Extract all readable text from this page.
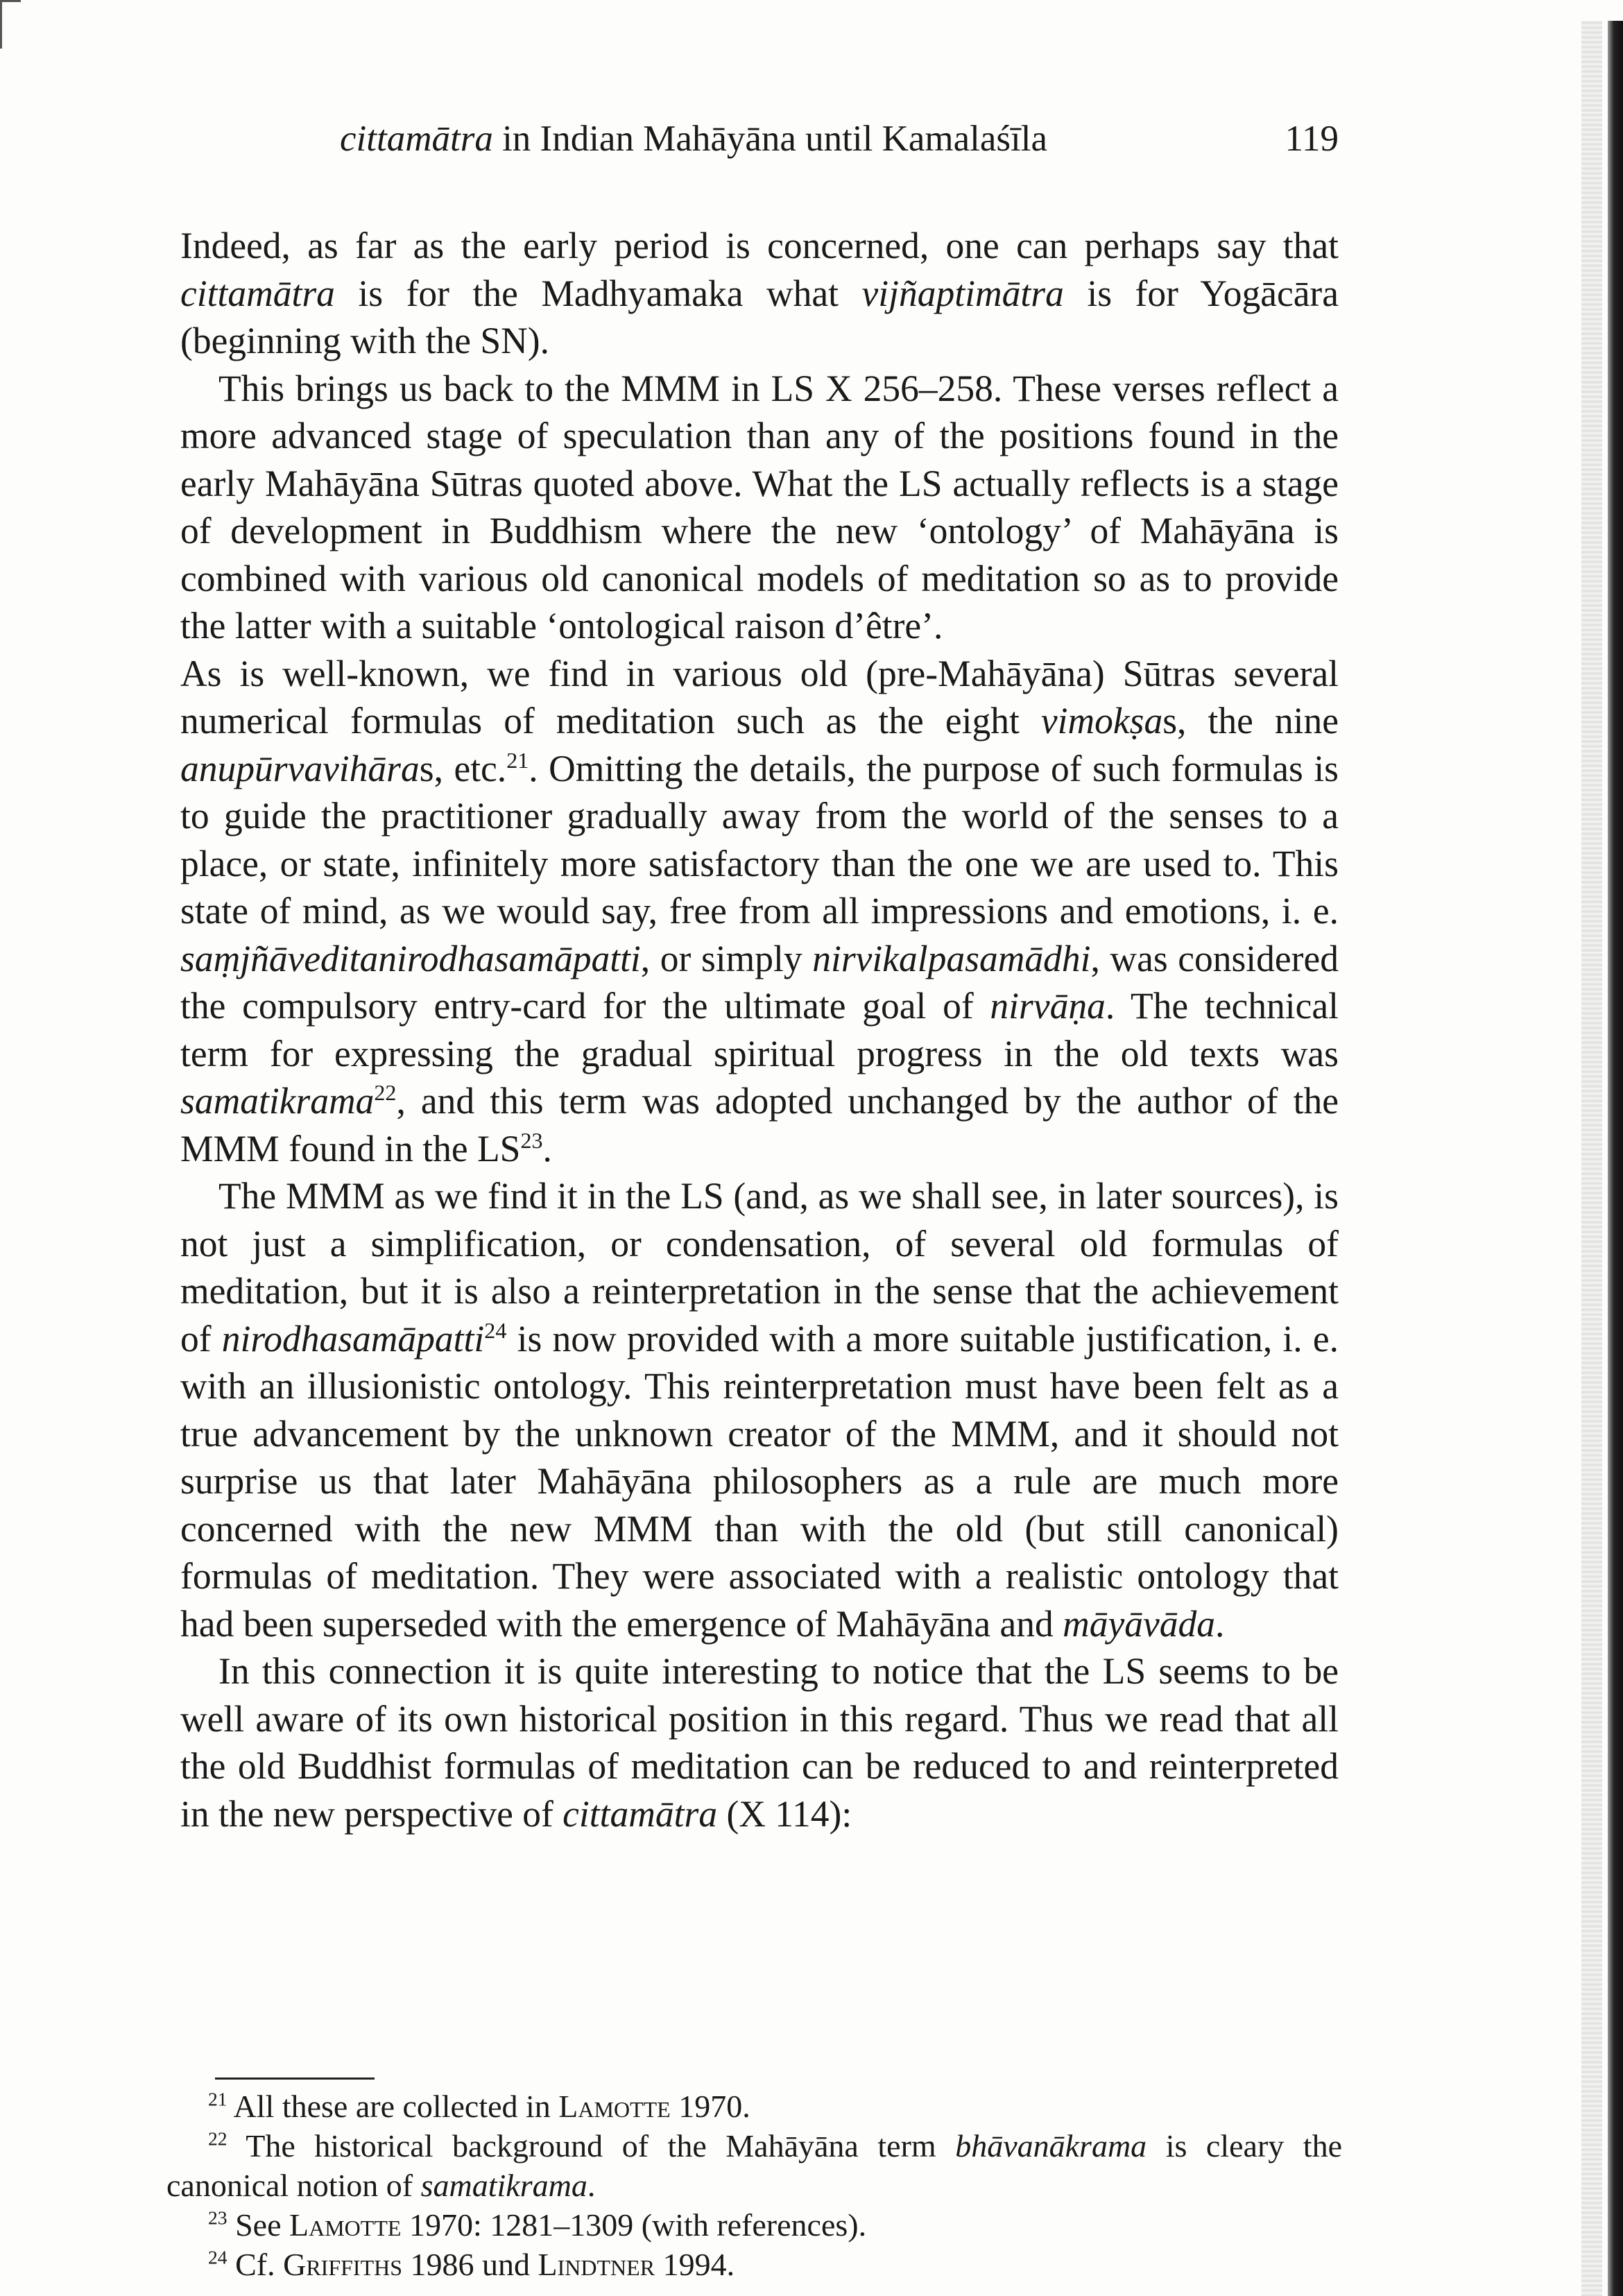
cittamātra in Indian Mahāyāna until Kamalaśīla	119

Indeed, as far as the early period is concerned, one can perhaps say that cittamātra is for the Madhyamaka what vijñaptimātra is for Yogācāra (beginning with the SN).

This brings us back to the MMM in LS X 256–258. These verses reflect a more advanced stage of speculation than any of the positions found in the early Mahāyāna Sūtras quoted above. What the LS actually reflects is a stage of development in Buddhism where the new ‘ontology’ of Mahāyāna is combined with various old canonical models of meditation so as to provide the latter with a suitable ‘ontological raison d’être’.

As is well-known, we find in various old (pre-Mahāyāna) Sūtras several numerical formulas of meditation such as the eight vimokṣas, the nine anupūrvavihāras, etc.$^{21}$. Omitting the details, the purpose of such formulas is to guide the practitioner gradually away from the world of the senses to a place, or state, infinitely more satisfactory than the one we are used to. This state of mind, as we would say, free from all impressions and emotions, i. e. saṃjñāveditanirodhasamāpatti, or simply nirvikalpasamādhi, was considered the compulsory entry-card for the ultimate goal of nirvāṇa. The technical term for expressing the gradual spiritual progress in the old texts was samatikrama$^{22}$, and this term was adopted unchanged by the author of the MMM found in the LS$^{23}$.

The MMM as we find it in the LS (and, as we shall see, in later sources), is not just a simplification, or condensation, of several old formulas of meditation, but it is also a reinterpretation in the sense that the achievement of nirodhasamāpatti$^{24}$ is now provided with a more suitable justification, i. e. with an illusionistic ontology. This reinterpretation must have been felt as a true advancement by the unknown creator of the MMM, and it should not surprise us that later Mahāyāna philosophers as a rule are much more concerned with the new MMM than with the old (but still canonical) formulas of meditation. They were associated with a realistic ontology that had been superseded with the emergence of Mahāyāna and māyāvāda.

In this connection it is quite interesting to notice that the LS seems to be well aware of its own historical position in this regard. Thus we read that all the old Buddhist formulas of meditation can be reduced to and reinterpreted in the new perspective of cittamātra (X 114):

$^{21}$ All these are collected in Lamotte 1970.

$^{22}$ The historical background of the Mahāyāna term bhāvanākrama is cleary the canonical notion of samatikrama.

$^{23}$ See Lamotte 1970: 1281–1309 (with references).

$^{24}$ Cf. Griffiths 1986 und Lindtner 1994.
